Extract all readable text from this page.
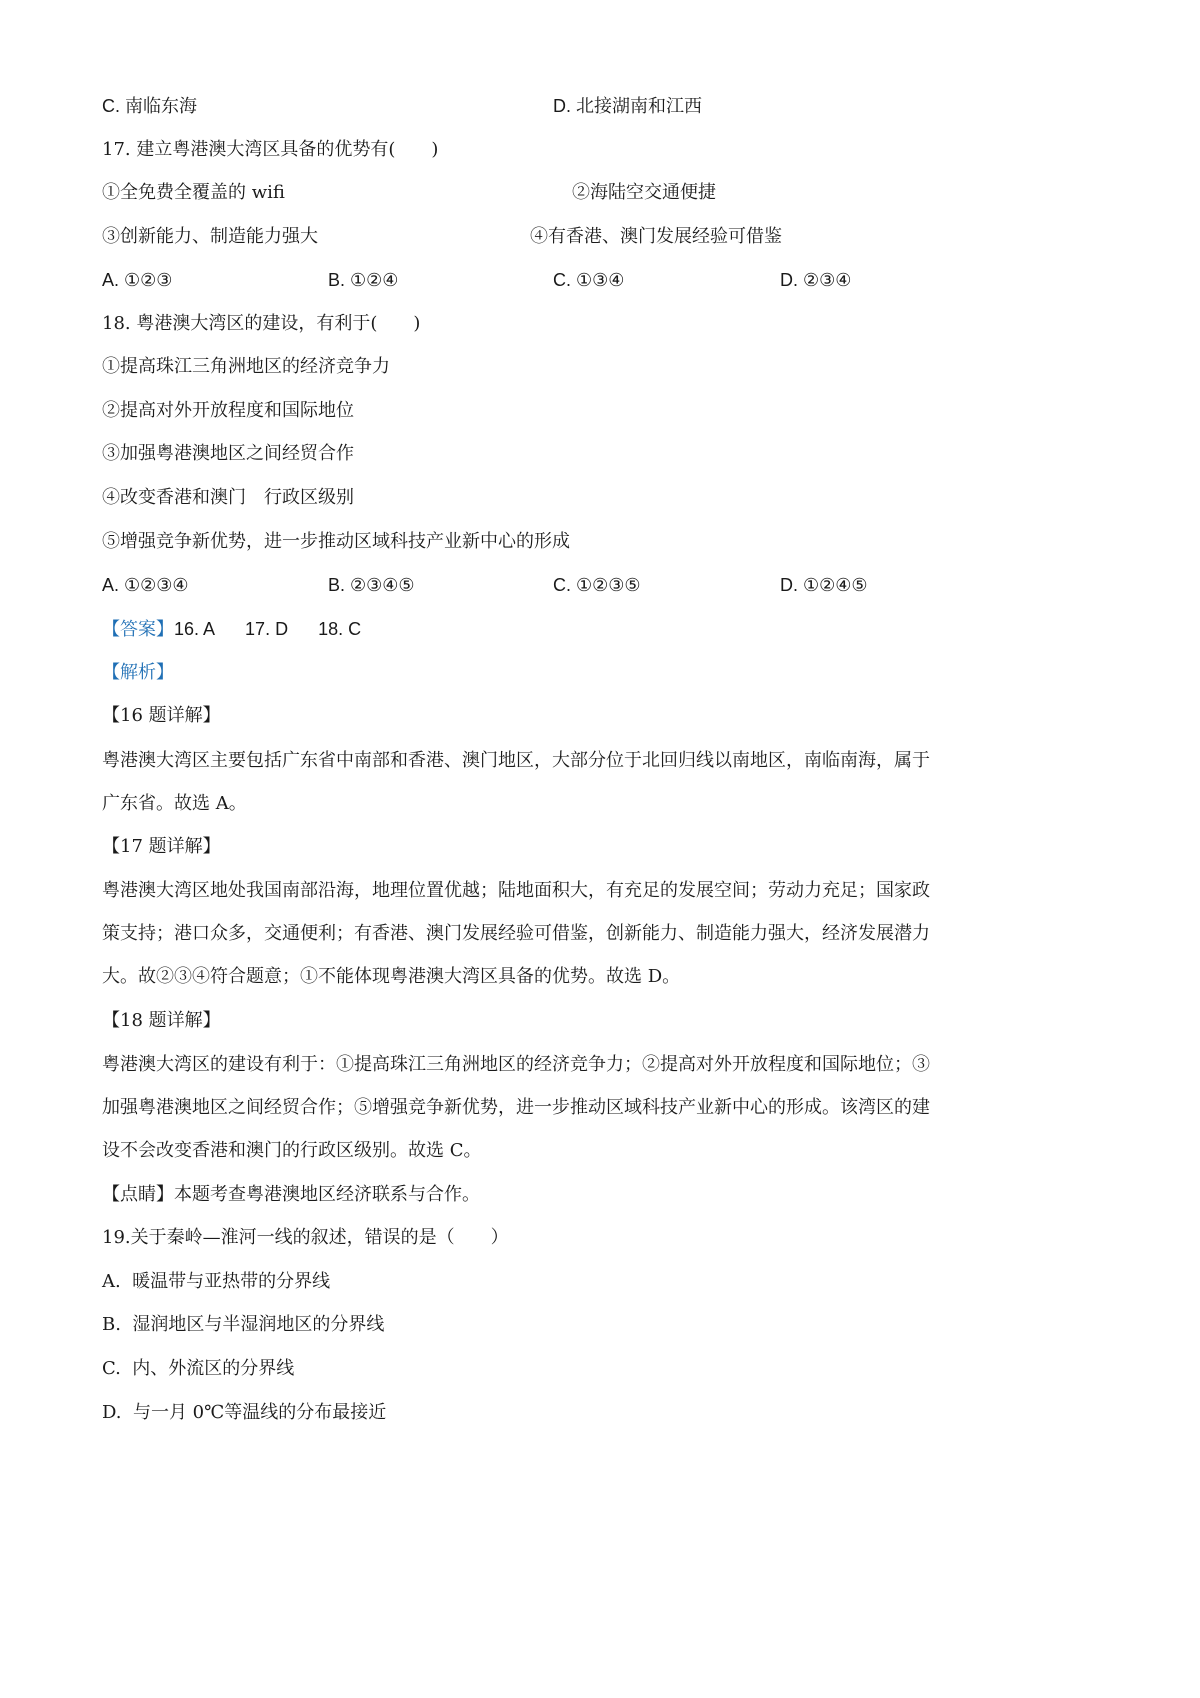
C. 南临东海	D. 北接湖南和江西
17. 建立粤港澳大湾区具备的优势有(　　)
①全免费全覆盖的 wifi	②海陆空交通便捷
③创新能力、制造能力强大	④有香港、澳门发展经验可借鉴
A. ①②③	B. ①②④	C. ①③④	D. ②③④
18. 粤港澳大湾区的建设，有利于(　　)
①提高珠江三角洲地区的经济竞争力
②提高对外开放程度和国际地位
③加强粤港澳地区之间经贸合作
④改变香港和澳门　行政区级别
⑤增强竞争新优势，进一步推动区域科技产业新中心的形成
A. ①②③④	B. ②③④⑤	C. ①②③⑤	D. ①②④⑤
【答案】16. A 17. D 18. C
【解析】
【16 题详解】
粤港澳大湾区主要包括广东省中南部和香港、澳门地区，大部分位于北回归线以南地区，南临南海，属于
广东省。故选 A。
【17 题详解】
粤港澳大湾区地处我国南部沿海，地理位置优越；陆地面积大，有充足的发展空间；劳动力充足；国家政
策支持；港口众多，交通便利；有香港、澳门发展经验可借鉴，创新能力、制造能力强大，经济发展潜力
大。故②③④符合题意；①不能体现粤港澳大湾区具备的优势。故选 D。
【18 题详解】
粤港澳大湾区的建设有利于：①提高珠江三角洲地区的经济竞争力；②提高对外开放程度和国际地位；③
加强粤港澳地区之间经贸合作；⑤增强竞争新优势，进一步推动区域科技产业新中心的形成。该湾区的建
设不会改变香港和澳门的行政区级别。故选 C。
【点睛】本题考查粤港澳地区经济联系与合作。
19.关于秦岭—淮河一线的叙述，错误的是（　　）
A.  暖温带与亚热带的分界线
B.  湿润地区与半湿润地区的分界线
C.  内、外流区的分界线
D.  与一月 0℃等温线的分布最接近
